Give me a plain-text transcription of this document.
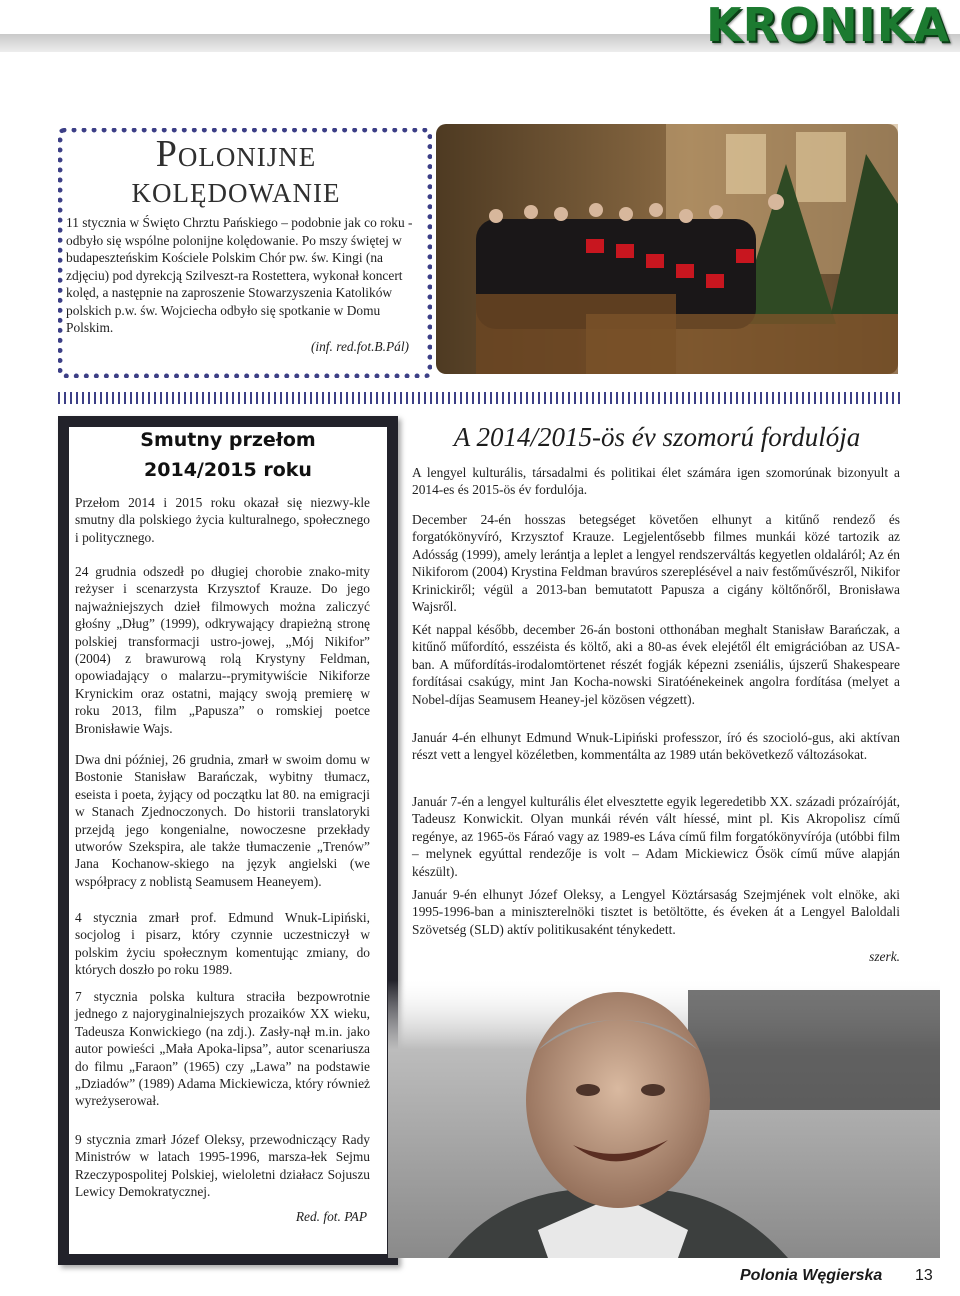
KRONIKA
Polonijne
kolędowanie

11 stycznia w Święto Chrztu Pańskiego – podobnie jak co roku - odbyło się wspólne polonijne kolędowanie. Po mszy świętej w budapeszteńskim Kościele Polskim Chór pw. św. Kingi (na zdjęciu) pod dyrekcją Szilveszt-ra Rostettera, wykonał koncert kolęd, a następnie na zaproszenie Stowarzyszenia Katolików polskich p.w. św. Wojciecha odbyło się spotkanie w Domu Polskim.

(inf. red.fot.B.Pál)

Smutny przełom
2014/2015 roku

Przełom 2014 i 2015 roku okazał się niezwy-kle smutny dla polskiego życia kulturalnego, społecznego i politycznego.

24 grudnia odszedł po długiej chorobie znako-mity reżyser i scenarzysta Krzysztof Krauze. Do jego najważniejszych dzieł filmowych można zaliczyć głośny „Dług” (1999), odkrywający drapieżną stronę polskiej transformacji ustro-jowej, „Mój Nikifor” (2004) z brawurową rolą Krystyny Feldman, opowiadający o malarzu--prymitywiście Nikiforze Krynickim oraz ostatni, mający swoją premierę w roku 2013, film „Papusza” o romskiej poetce Bronisławie Wajs.

Dwa dni później, 26 grudnia, zmarł w swoim domu w Bostonie Stanisław Barańczak, wybitny tłumacz, eseista i poeta, żyjący od początku lat 80. na emigracji w Stanach Zjednoczonych. Do historii translatoryki przejdą jego kongenialne, nowoczesne przekłady utworów Szekspira, ale także tłumaczenie „Trenów” Jana Kochanow-skiego na język angielski (we współpracy z noblistą Seamusem Heaneyem).

4 stycznia zmarł prof. Edmund Wnuk-Lipiński, socjolog i pisarz, który czynnie uczestniczył w polskim życiu społecznym komentując zmiany, do których doszło po roku 1989.

7 stycznia polska kultura straciła bezpowrotnie jednego z najoryginalniejszych prozaików XX wieku, Tadeusza Konwickiego (na zdj.). Zasły-nął m.in. jako autor powieści „Mała Apoka-lipsa”, autor scenariusza do filmu „Faraon” (1965) czy „Lawa” na podstawie „Dziadów” (1989) Adama Mickiewicza, który również wyreżyserował.

9 stycznia zmarł Józef Oleksy, przewodniczący Rady Ministrów w latach 1995-1996, marsza-łek Sejmu Rzeczypospolitej Polskiej, wieloletni działacz Sojuszu Lewicy Demokratycznej.

Red. fot. PAP

A 2014/2015-ös év szomorú fordulója

A lengyel kulturális, társadalmi és politikai élet számára igen szomorúnak bizonyult a 2014-es és 2015-ös év fordulója.

December 24-én hosszas betegséget követően elhunyt a kitűnő rendező és forgatókönyvíró, Krzysztof Krauze. Legjelentősebb filmes munkái közé tartozik az Adósság (1999), amely lerántja a leplet a lengyel rendszerváltás kegyetlen oldaláról; Az én Nikiforom (2004) Krystina Feldman bravúros szereplésével a naiv festőművészről, Nikifor Krinickiről; végül a 2013-ban bemutatott Papusza a cigány költőnőről, Bronisława Wajsről.

Két nappal később, december 26-án bostoni otthonában meghalt Stanisław Barańczak, a kitűnő műfordító, esszéista és költő, aki a 80-as évek elejétől élt emigrációban az USA-ban. A műfordítás-irodalomtörtenet részét fogják képezni zseniális, újszerű Shakespeare fordításai csakúgy, mint Jan Kocha-nowski Siratóénekeinek angolra fordítása (melyet a Nobel-díjas Seamusem Heaney-jel közösen végzett).

Január 4-én elhunyt Edmund Wnuk-Lipiński professzor, író és szocioló-gus, aki aktívan részt vett a lengyel közéletben, kommentálta az 1989 után bekövetkező változásokat.

Január 7-én a lengyel kulturális élet elvesztette egyik legeredetibb XX. századi prózaíróját, Tadeusz Konwickit. Olyan munkái révén vált híessé, mint pl. Kis Akropolisz című regénye, az 1965-ös Fáraó vagy az 1989-es Láva című film forgatókönyvírója (utóbbi film – melynek egyúttal rendezője is volt – Adam Mickiewicz Ősök című műve alapján készült).

Január 9-én elhunyt Józef Oleksy, a Lengyel Köztársaság Szejmjének volt elnöke, aki 1995-1996-ban a miniszterelnöki tisztet is betöltötte, és éveken át a Lengyel Baloldali Szövetség (SLD) aktív politikusaként ténykedett.

szerk.

Polonia Węgierska 13
